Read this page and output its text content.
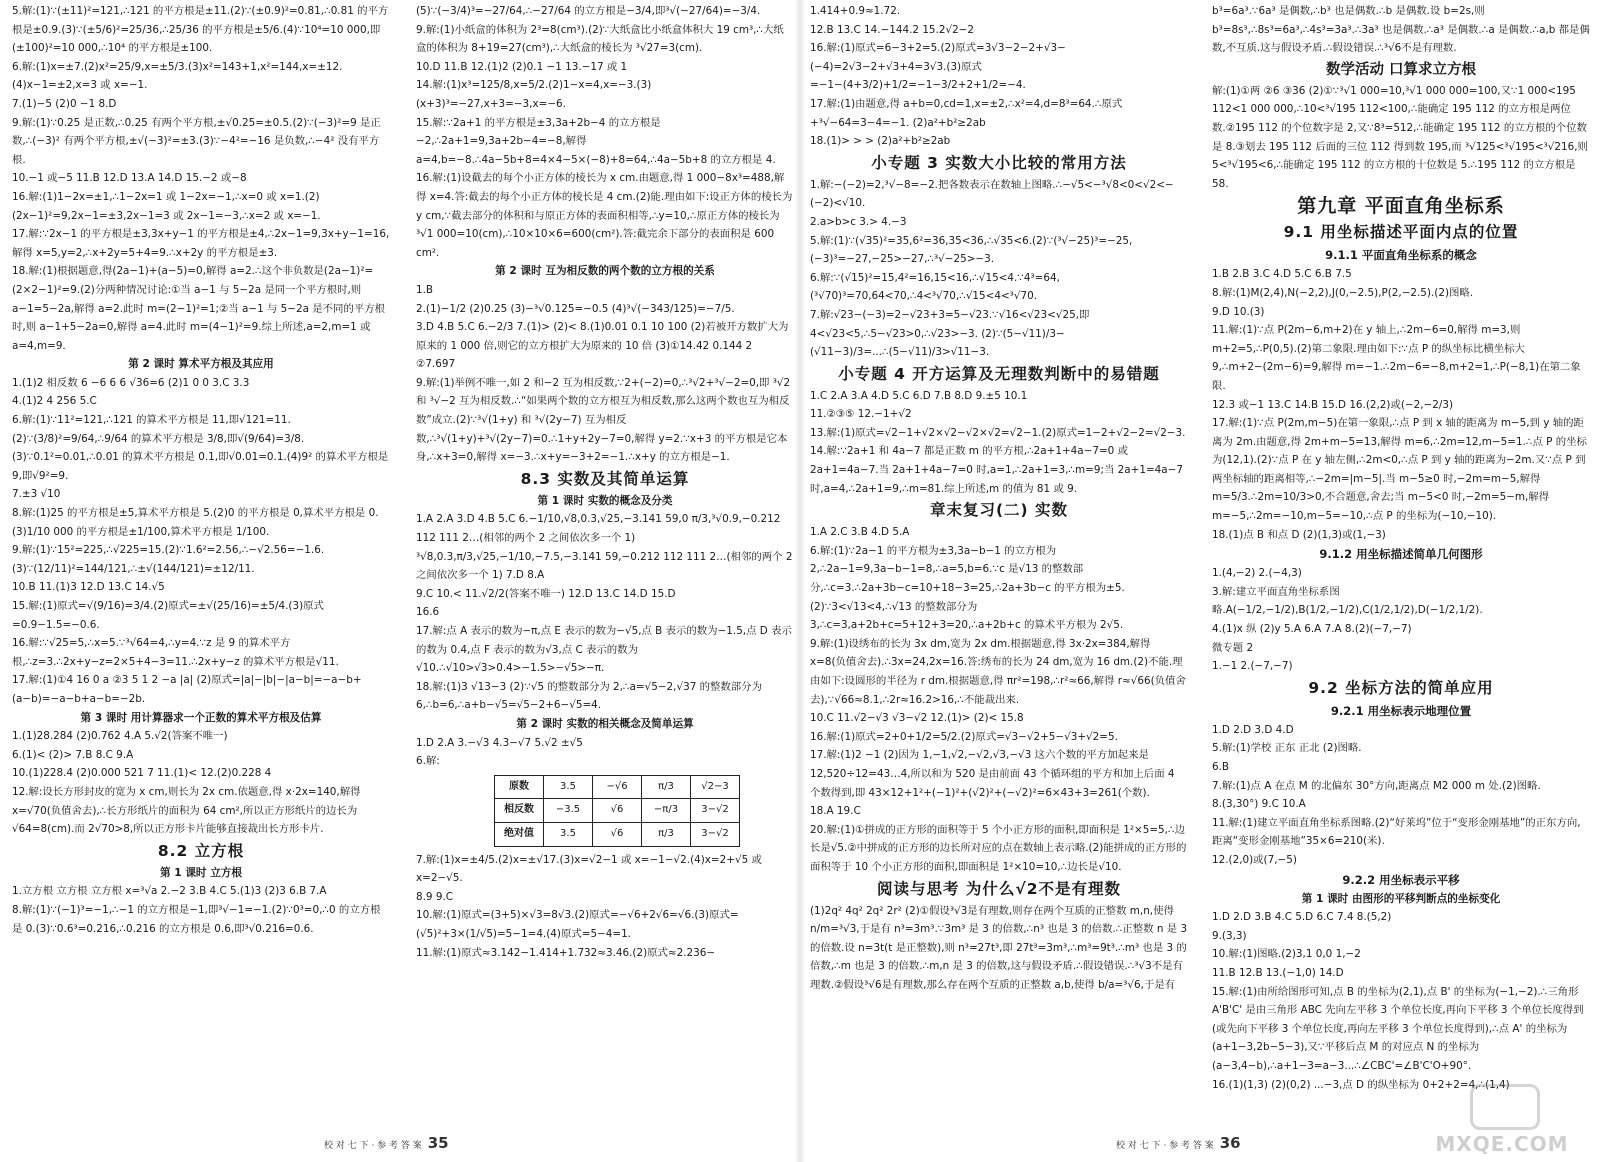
5.解:(1)∵(±11)²=121,∴121 的平方根是±11.(2)∵(±0.9)²=0.81,∴0.81 的平方根是±0.9.(3)∵(±5/6)²=25/36,∴25/36 的平方根是±5/6.(4)∵10⁴=10 000,即(±100)²=10 000,∴10⁴ 的平方根是±100.

6.解:(1)x=±7.(2)x²=25/9,x=±5/3.(3)x²=143+1,x²=144,x=±12.(4)x−1=±2,x=3 或 x=−1.

7.(1)−5 (2)0 −1 8.D

9.解:(1)∵0.25 是正数,∴0.25 有两个平方根,±√0.25=±0.5.(2)∵(−3)²=9 是正数,∴(−3)² 有两个平方根,±√(−3)²=±3.(3)∵−4²=−16 是负数,∴−4² 没有平方根.

10.−1 或−5 11.B 12.D 13.A 14.D 15.−2 或−8

16.解:(1)1−2x=±1,∴1−2x=1 或 1−2x=−1,∴x=0 或 x=1.(2)(2x−1)²=9,2x−1=±3,2x−1=3 或 2x−1=−3,∴x=2 或 x=−1.

17.解:∵2x−1 的平方根是±3,3x+y−1 的平方根是±4,∴2x−1=9,3x+y−1=16,解得 x=5,y=2,∴x+2y=5+4=9.∴x+2y 的平方根是±3.

18.解:(1)根据题意,得(2a−1)+(a−5)=0,解得 a=2.∴这个非负数是(2a−1)²=(2×2−1)²=9.(2)分两种情况讨论:①当 a−1 与 5−2a 是同一个平方根时,则 a−1=5−2a,解得 a=2.此时 m=(2−1)²=1;②当 a−1 与 5−2a 是不同的平方根时,则 a−1+5−2a=0,解得 a=4.此时 m=(4−1)²=9.综上所述,a=2,m=1 或 a=4,m=9.

第 2 课时 算术平方根及其应用

1.(1)2 相反数 6 −6 6 6 √36=6 (2)1 0 0 3.C 3.3

4.(1)2 4 256 5.C

6.解:(1)∵11²=121,∴121 的算术平方根是 11,即√121=11.(2)∵(3/8)²=9/64,∴9/64 的算术平方根是 3/8,即√(9/64)=3/8.(3)∵0.1²=0.01,∴0.01 的算术平方根是 0.1,即√0.01=0.1.(4)9² 的算术平方根是 9,即√9²=9.

7.±3 √10

8.解:(1)25 的平方根是±5,算术平方根是 5.(2)0 的平方根是 0,算术平方根是 0.(3)1/10 000 的平方根是±1/100,算术平方根是 1/100.

9.解:(1)∵15²=225,∴√225=15.(2)∵1.6²=2.56,∴−√2.56=−1.6.(3)∵(12/11)²=144/121,∴±√(144/121)=±12/11.

10.B 11.(1)3 12.D 13.C 14.√5

15.解:(1)原式=√(9/16)=3/4.(2)原式=±√(25/16)=±5/4.(3)原式=0.9−1.5=−0.6.

16.解:∵√25=5,∴x=5.∵³√64=4,∴y=4.∵z 是 9 的算术平方根,∴z=3.∴2x+y−z=2×5+4−3=11.∴2x+y−z 的算术平方根是√11.

17.解:(1)①4 16 0 a ②3 5 1 2 −a |a| (2)原式=|a|−|b|−|a−b|=−a−b+(a−b)=−a−b+a−b=−2b.

第 3 课时 用计算器求一个正数的算术平方根及估算

1.(1)28.284 (2)0.762 4.A 5.√2(答案不唯一)

6.(1)< (2)> 7.B 8.C 9.A

10.(1)228.4 (2)0.000 521 7 11.(1)< 12.(2)0.228 4

12.解:设长方形封皮的宽为 x cm,则长为 2x cm.依题意,得 x·2x=140,解得 x=√70(负值舍去),∴长方形纸片的面积为 64 cm²,所以正方形纸片的边长为 √64=8(cm).而 2√70>8,所以正方形卡片能够直接裁出长方形卡片.

8.2 立方根
第 1 课时 立方根

1.立方根 立方根 立方根 x=³√a 2.−2 3.B 4.C 5.(1)3 (2)3 6.B 7.A

8.解:(1)∵(−1)³=−1,∴−1 的立方根是−1,即³√−1=−1.(2)∵0³=0,∴0 的立方根是 0.(3)∵0.6³=0.216,∴0.216 的立方根是 0.6,即³√0.216=0.6.

(5)∵(−3/4)³=−27/64,∴−27/64 的立方根是−3/4,即³√(−27/64)=−3/4.

9.解:(1)小纸盒的体积为 2³=8(cm³).(2)∵大纸盒比小纸盒体积大 19 cm³,∴大纸盒的体积为 8+19=27(cm³),∴大纸盒的棱长为 ³√27=3(cm).

10.D 11.B 12.(1)2 (2)0.1 −1 13.−17 或 1

14.解:(1)x³=125/8,x=5/2.(2)1−x=4,x=−3.(3)(x+3)³=−27,x+3=−3,x=−6.

15.解:∵2a+1 的平方根是±3,3a+2b−4 的立方根是−2,∴2a+1=9,3a+2b−4=−8,解得 a=4,b=−8.∴4a−5b+8=4×4−5×(−8)+8=64,∴4a−5b+8 的立方根是 4.

16.解:(1)设截去的每个小正方体的棱长为 x cm.由题意,得 1 000−8x³=488,解得 x=4.答:截去的每个小正方体的棱长是 4 cm.(2)能.理由如下:设正方体的棱长为 y cm,∵截去部分的体积和与原正方体的表面积相等,∴y=10,∴原正方体的棱长为 ³√1 000=10(cm),∴10×10×6=600(cm²).答:截完余下部分的表面积是 600 cm².

第 2 课时 互为相反数的两个数的立方根的关系

1.B

2.(1)−1/2 (2)0.25 (3)−³√0.125=−0.5 (4)³√(−343/125)=−7/5.

3.D 4.B 5.C 6.−2/3 7.(1)> (2)< 8.(1)0.01 0.1 10 100 (2)若被开方数扩大为原来的 1 000 倍,则它的立方根扩大为原来的 10 倍 (3)①14.42 0.144 2 ②7.697

9.解:(1)举例不唯一,如 2 和−2 互为相反数,∵2+(−2)=0,∴³√2+³√−2=0,即 ³√2 和 ³√−2 互为相反数.∴“如果两个数的立方根互为相反数,那么这两个数也互为相反数”成立.(2)∵³√(1+y) 和 ³√(2y−7) 互为相反数,∴³√(1+y)+³√(2y−7)=0.∴1+y+2y−7=0,解得 y=2.∵x+3 的平方根是它本身,∴x+3=0,解得 x=−3.∴x+y=−3+2=−1.∴x+y 的立方根是−1.

8.3 实数及其简单运算
第 1 课时 实数的概念及分类

1.A 2.A 3.D 4.B 5.C 6.−1/10,√8,0.3,√25,−3.141 59,0 π/3,³√0.9,−0.212 112 111 2…(相邻的两个 2 之间依次多一个 1) ³√8,0.3,π/3,√25,−1/10,−7.5,−3.141 59,−0.212 112 111 2…(相邻的两个 2 之间依次多一个 1) 7.D 8.A

9.C 10.< 11.√2/2(答案不唯一) 12.D 13.C 14.D 15.D

16.6

17.解:点 A 表示的数为−π,点 E 表示的数为−√5,点 B 表示的数为−1.5,点 D 表示的数为 0.4,点 F 表示的数为√3,点 C 表示的数为√10.∴√10>√3>0.4>−1.5>−√5>−π.

18.解:(1)3 √13−3 (2)∵√5 的整数部分为 2,∴a=√5−2,√37 的整数部分为 6,∴b=6,∴a+b−√5=√5−2+6−√5=4.

第 2 课时 实数的相关概念及简单运算

1.D 2.A 3.−√3 4.3−√7 5.√2 ±√5

6.解:

原数	3.5	−√6	π/3	√2−3
相反数	−3.5	√6	−π/3	3−√2
绝对值	3.5	√6	π/3	3−√2

7.解:(1)x=±4/5.(2)x=±√17.(3)x=√2−1 或 x=−1−√2.(4)x=2+√5 或 x=2−√5.

8.9 9.C

10.解:(1)原式=(3+5)×√3=8√3.(2)原式=−√6+2√6=√6.(3)原式=(√5)²+3×(1/√5)=5−1=4.(4)原式=5−4=1.

11.解:(1)原式≈3.142−1.414+1.732≈3.46.(2)原式≈2.236−

校 对 七 下 · 参 考 答 案 35

1.414+0.9≈1.72.

12.B 13.C 14.−144.2 15.2√2−2

16.解:(1)原式=6−3+2=5.(2)原式=3√3−2−2+√3−(−4)=2√3−2+√3+4=3√3.(3)原式=−1−(4+3/2)+1/2=−1−3/2+2+1/2=−4.

17.解:(1)由题意,得 a+b=0,cd=1,x=±2,∴x²=4,d=8³=64.∴原式+³√−64=3−4=−1. (2)a²+b²≥2ab

18.(1)> > > (2)a²+b²≥2ab

小专题 3 实数大小比较的常用方法

1.解:−(−2)=2,³√−8=−2.把各数表示在数轴上图略.∴−√5<−³√8<0<√2<−(−2)<√10.

2.a>b>c 3.> 4.−3

5.解:(1)∵(√35)²=35,6²=36,35<36,∴√35<6.(2)∵(³√−25)³=−25,(−3)³=−27,−25>−27,∴³√−25>−3.

6.解:∵(√15)²=15,4²=16,15<16,∴√15<4.∵4³=64,(³√70)³=70,64<70,∴4<³√70,∴√15<4<³√70.

7.解:√23−(−3)=2−√23+3=5−√23.∵√16<√23<√25,即 4<√23<5,∴5−√23>0,∴√23>−3. (2)∵(5−√11)/3−(√11−3)/3=...∴(5−√11)/3>√11−3.

小专题 4 开方运算及无理数判断中的易错题

1.C 2.A 3.A 4.D 5.C 6.D 7.B 8.D 9.±5 10.1

11.②③⑤ 12.−1+√2

13.解:(1)原式=√2−1+√2×√2−√2×√2=√2−1.(2)原式=1−2+√2−2=√2−3.

14.解:∵2a+1 和 4a−7 都是正数 m 的平方根,∴2a+1+4a−7=0 或 2a+1=4a−7.当 2a+1+4a−7=0 时,a=1,∴2a+1=3,∴m=9;当 2a+1=4a−7 时,a=4,∴2a+1=9,∴m=81.综上所述,m 的值为 81 或 9.

章末复习(二) 实数

1.A 2.C 3.B 4.D 5.A

6.解:(1)∵2a−1 的平方根为±3,3a−b−1 的立方根为 2,∴2a−1=9,3a−b−1=8,∴a=5,b=6.∵c 是√13 的整数部分,∴c=3.∴2a+3b−c=10+18−3=25,∴2a+3b−c 的平方根为±5.(2)∵3<√13<4,∴√13 的整数部分为 3,∴c=3,a+2b+c=5+12+3=20,∴a+2b+c 的算术平方根为 2√5.

9.解:(1)设绣布的长为 3x dm,宽为 2x dm.根据题意,得 3x·2x=384,解得 x=8(负值舍去).∴3x=24,2x=16.答:绣布的长为 24 dm,宽为 16 dm.(2)不能.理由如下:设圆形的半径为 r dm.根据题意,得 πr²=198,∴r²≈66,解得 r≈√66(负值舍去),∵√66≈8.1,∴2r≈16.2>16,∴不能裁出来.

10.C 11.√2−√3 √3−√2 12.(1)> (2)< 15.8

16.解:(1)原式=2+0+1/2=5/2.(2)原式=√3−√2+5−√3+√2=5.

17.解:(1)2 −1 (2)因为 1,−1,√2,−√2,√3,−√3 这六个数的平方加起来是 12,520÷12=43…4,所以和为 520 是由前面 43 个循环组的平方和加上后面 4 个数得到,即 43×12+1²+(−1)²+(√2)²+(−√2)²=6×43+3=261(个数).

18.A 19.C

20.解:(1)①拼成的正方形的面积等于 5 个小正方形的面积,即面积是 1²×5=5,∴边长是√5.②中拼成的正方形的边长所对应的点在数轴上表示略.(2)能拼成的正方形的面积等于 10 个小正方形的面积,即面积是 1²×10=10,∴边长是√10.

阅读与思考 为什么√2不是有理数

(1)2q² 4q² 2q² 2r² (2)①假设³√3是有理数,则存在两个互质的正整数 m,n,使得 n/m=³√3,于是有 n³=3m³.∵3m³ 是 3 的倍数,∴n³ 也是 3 的倍数.∴正整数 n 是 3 的倍数.设 n=3t(t 是正整数),则 n³=27t³,即 27t³=3m³,∴m³=9t³.∴m³ 也是 3 的倍数,∴m 也是 3 的倍数.∴m,n 是 3 的倍数,这与假设矛盾.∴假设错误.∴³√3不是有理数.②假设³√6是有理数,那么存在两个互质的正整数 a,b,使得 b/a=³√6,于是有

b³=6a³.∵6a³ 是偶数,∴b³ 也是偶数.∴b 是偶数.设 b=2s,则 b³=8s³,∴8s³=6a³,∴4s³=3a³.∴3a³ 也是偶数.∴a³ 是偶数.∴a 是偶数.∴a,b 都是偶数,不互质.这与假设矛盾.∴假设错误.∴³√6不是有理数.

数学活动 口算求立方根

解:(1)①两 ②6 ③36 (2)①∵³√1 000=10,³√1 000 000=100,又∵1 000<195 112<1 000 000,∴10<³√195 112<100,∴能确定 195 112 的立方根是两位数.②195 112 的个位数字是 2,又∵8³=512,∴能确定 195 112 的立方根的个位数是 8.③划去 195 112 后面的三位 112 得到数 195,而 ³√125<³√195<³√216,则 5<³√195<6,∴能确定 195 112 的立方根的十位数是 5.∴195 112 的立方根是 58.

第九章 平面直角坐标系
9.1 用坐标描述平面内点的位置
9.1.1 平面直角坐标系的概念

1.B 2.B 3.C 4.D 5.C 6.B 7.5

8.解:(1)M(2,4),N(−2,2),J(0,−2.5),P(2,−2.5).(2)图略.

9.D 10.(3)

11.解:(1)∵点 P(2m−6,m+2)在 y 轴上,∴2m−6=0,解得 m=3,则 m+2=5,∴P(0,5).(2)第二象限.理由如下:∵点 P 的纵坐标比横坐标大 9,∴m+2−(2m−6)=9,解得 m=−1.∴2m−6=−8,m+2=1,∴P(−8,1)在第二象限.

12.3 或−1 13.C 14.B 15.D 16.(2,2)或(−2,−2/3)

17.解:(1)∵点 P(2m,m−5)在第一象限,∴点 P 到 x 轴的距离为 m−5,到 y 轴的距离为 2m.由题意,得 2m+m−5=13,解得 m=6,∴2m=12,m−5=1.∴点 P 的坐标为(12,1).(2)∵点 P 在 y 轴左侧,∴2m<0,∴点 P 到 y 轴的距离为−2m.又∵点 P 到两坐标轴的距离相等,∴−2m=|m−5|.当 m−5≥0 时,−2m=m−5,解得 m=5/3.∴2m=10/3>0,不合题意,舍去;当 m−5<0 时,−2m=5−m,解得 m=−5,∴2m=−10,m−5=−10,∴点 P 的坐标为(−10,−10).

18.(1)点 B 和点 D (2)(1,3)或(1,−3)

9.1.2 用坐标描述简单几何图形

1.(4,−2) 2.(−4,3)

3.解:建立平面直角坐标系图略.A(−1/2,−1/2),B(1/2,−1/2),C(1/2,1/2),D(−1/2,1/2).

4.(1)x 纵 (2)y 5.A 6.A 7.A 8.(2)(−7,−7)

微专题 2

1.−1 2.(−7,−7)

9.2 坐标方法的简单应用
9.2.1 用坐标表示地理位置

1.D 2.D 3.D 4.D

5.解:(1)学校 正东 正北 (2)图略.

6.B

7.解:(1)点 A 在点 M 的北偏东 30°方向,距离点 M2 000 m 处.(2)图略.

8.(3,30°) 9.C 10.A

11.解:(1)建立平面直角坐标系图略.(2)“好莱坞”位于“变形金刚基地”的正东方向,距离“变形金刚基地”35×6=210(米).

12.(2,0)或(7,−5)

9.2.2 用坐标表示平移
第 1 课时 由图形的平移判断点的坐标变化

1.D 2.D 3.B 4.C 5.D 6.C 7.4 8.(5,2)

9.(3,3)

10.解:(1)图略.(2)3,1 0,0 1,−2

11.B 12.B 13.(−1,0) 14.D

15.解:(1)由所给图形可知,点 B 的坐标为(2,1),点 B' 的坐标为(−1,−2).∴三角形 A'B'C' 是由三角形 ABC 先向左平移 3 个单位长度,再向下平移 3 个单位长度得到(或先向下平移 3 个单位长度,再向左平移 3 个单位长度得到),∴点 A' 的坐标为(a+1−3,2b−5−3),又∵平移后点 M 的对应点 N 的坐标为(a−3,4−b),∴a+1−3=a−3...∴∠CBC'=∠B'C'O+90°.

16.(1)(1,3) (2)(0,2) ...−3,点 D 的纵坐标为 0+2+2=4,∴(1,4)

校 对 七 下 · 参 考 答 案 36	MXQE.COM
